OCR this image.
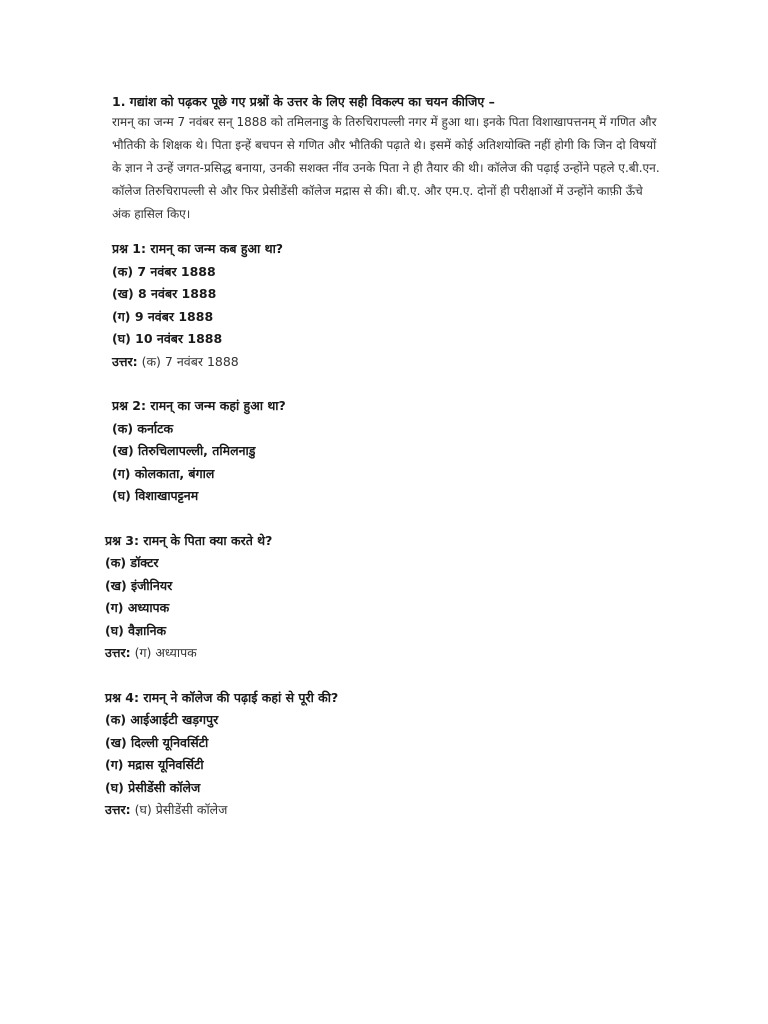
1. गद्यांश को पढ़कर पूछे गए प्रश्नों के उत्तर के लिए सही विकल्प का चयन कीजिए –

रामन् का जन्म 7 नवंबर सन् 1888 को तमिलनाडु के तिरुचिरापल्ली नगर में हुआ था। इनके पिता विशाखापत्तनम् में गणित और

भौतिकी के शिक्षक थे। पिता इन्हें बचपन से गणित और भौतिकी पढ़ाते थे। इसमें कोई अतिशयोक्ति नहीं होगी कि जिन दो विषयों

के ज्ञान ने उन्हें जगत-प्रसिद्ध बनाया, उनकी सशक्त नींव उनके पिता ने ही तैयार की थी। कॉलेज की पढ़ाई उन्होंने पहले ए.बी.एन.

कॉलेज तिरुचिरापल्ली से और फिर प्रेसीडेंसी कॉलेज मद्रास से की। बी.ए. और एम.ए. दोनों ही परीक्षाओं में उन्होंने काफ़ी ऊँचे

अंक हासिल किए।

प्रश्न 1: रामन् का जन्म कब हुआ था?

(क) 7 नवंबर 1888

(ख) 8 नवंबर 1888

(ग) 9 नवंबर 1888

(घ) 10 नवंबर 1888

उत्तर: (क) 7 नवंबर 1888

प्रश्न 2: रामन् का जन्म कहां हुआ था?

(क) कर्नाटक

(ख) तिरुचिलापल्ली, तमिलनाडु

(ग) कोलकाता, बंगाल

(घ) विशाखापट्टनम

प्रश्न 3: रामन् के पिता क्या करते थे?

(क) डॉक्टर

(ख) इंजीनियर

(ग) अध्यापक

(घ) वैज्ञानिक

उत्तर: (ग) अध्यापक

प्रश्न 4: रामन् ने कॉलेज की पढ़ाई कहां से पूरी की?

(क) आईआईटी खड़गपुर

(ख) दिल्ली यूनिवर्सिटी

(ग) मद्रास यूनिवर्सिटी

(घ) प्रेसीडेंसी कॉलेज

उत्तर: (घ) प्रेसीडेंसी कॉलेज
